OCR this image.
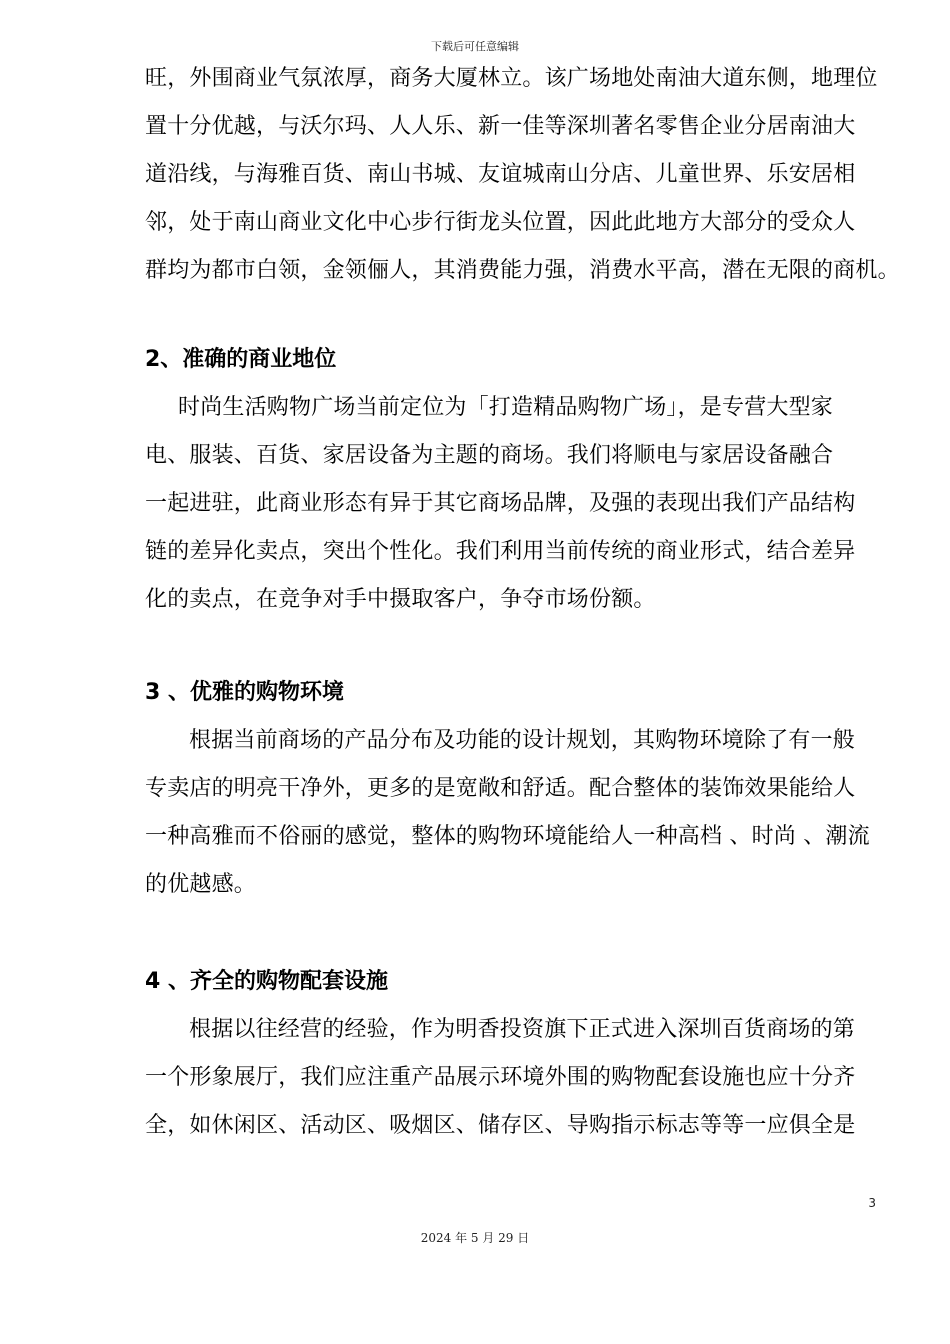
下载后可任意编辑
旺，外围商业气氛浓厚，商务大厦林立。该广场地处南油大道东侧，地理位
置十分优越，与沃尔玛、人人乐、新一佳等深圳著名零售企业分居南油大
道沿线，与海雅百货、南山书城、友谊城南山分店、儿童世界、乐安居相
邻，处于南山商业文化中心步行街龙头位置，因此此地方大部分的受众人
群均为都市白领，金领俪人，其消费能力强，消费水平高，潜在无限的商机。
2、准确的商业地位
时尚生活购物广场当前定位为「打造精品购物广场」，是专营大型家
电、服装、百货、家居设备为主题的商场。我们将顺电与家居设备融合
一起进驻，此商业形态有异于其它商场品牌，及强的表现出我们产品结构
链的差异化卖点，突出个性化。我们利用当前传统的商业形式，结合差异
化的卖点，在竞争对手中摄取客户，争夺市场份额。
3 、优雅的购物环境
根据当前商场的产品分布及功能的设计规划，其购物环境除了有一般
专卖店的明亮干净外，更多的是宽敞和舒适。配合整体的装饰效果能给人
一种高雅而不俗丽的感觉，整体的购物环境能给人一种高档 、时尚 、潮流
的优越感。
4 、齐全的购物配套设施
根据以往经营的经验，作为明香投资旗下正式进入深圳百货商场的第
一个形象展厅，我们应注重产品展示环境外围的购物配套设施也应十分齐
全，如休闲区、活动区、吸烟区、储存区、导购指示标志等等一应俱全是
3
2024 年 5 月 29 日
